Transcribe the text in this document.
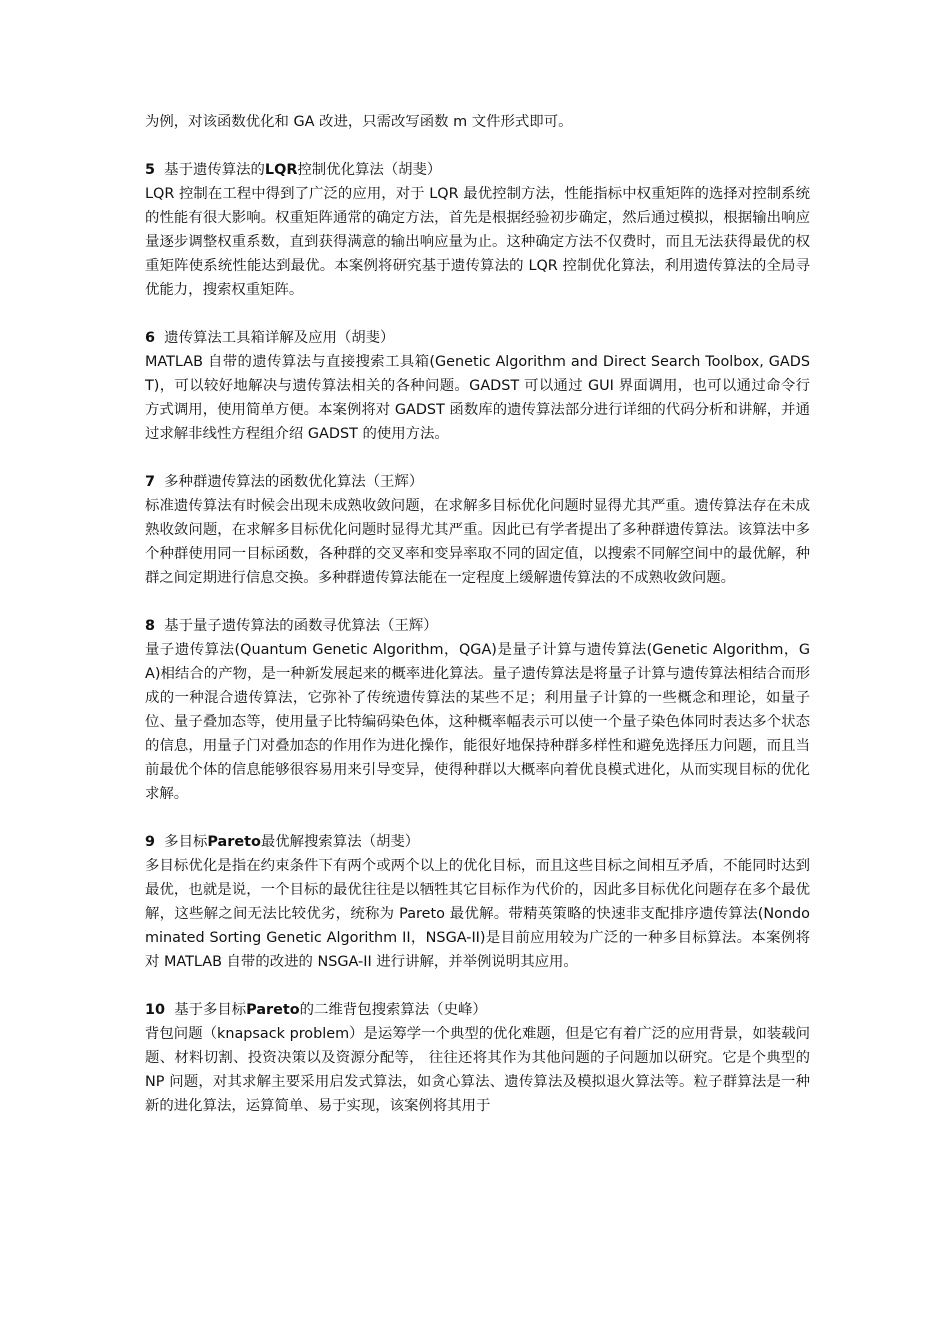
为例，对该函数优化和 GA 改进，只需改写函数 m 文件形式即可。

5 基于遗传算法的LQR控制优化算法（胡斐）

LQR 控制在工程中得到了广泛的应用，对于 LQR 最优控制方法，性能指标中权重矩阵的选择对控制系统的性能有很大影响。权重矩阵通常的确定方法，首先是根据经验初步确定，然后通过模拟，根据输出响应量逐步调整权重系数，直到获得满意的输出响应量为止。这种确定方法不仅费时，而且无法获得最优的权重矩阵使系统性能达到最优。本案例将研究基于遗传算法的 LQR 控制优化算法，利用遗传算法的全局寻优能力，搜索权重矩阵。

6 遗传算法工具箱详解及应用（胡斐）

MATLAB 自带的遗传算法与直接搜索工具箱(Genetic Algorithm and Direct Search Toolbox, GADST)，可以较好地解决与遗传算法相关的各种问题。GADST 可以通过 GUI 界面调用，也可以通过命令行方式调用，使用简单方便。本案例将对 GADST 函数库的遗传算法部分进行详细的代码分析和讲解，并通过求解非线性方程组介绍 GADST 的使用方法。

7 多种群遗传算法的函数优化算法（王辉）

标准遗传算法有时候会出现未成熟收敛问题，在求解多目标优化问题时显得尤其严重。遗传算法存在未成熟收敛问题，在求解多目标优化问题时显得尤其严重。因此已有学者提出了多种群遗传算法。该算法中多个种群使用同一目标函数，各种群的交叉率和变异率取不同的固定值，以搜索不同解空间中的最优解，种群之间定期进行信息交换。多种群遗传算法能在一定程度上缓解遗传算法的不成熟收敛问题。

8 基于量子遗传算法的函数寻优算法（王辉）

量子遗传算法(Quantum Genetic Algorithm，QGA)是量子计算与遗传算法(Genetic Algorithm，GA)相结合的产物，是一种新发展起来的概率进化算法。量子遗传算法是将量子计算与遗传算法相结合而形成的一种混合遗传算法，它弥补了传统遗传算法的某些不足；利用量子计算的一些概念和理论，如量子位、量子叠加态等，使用量子比特编码染色体，这种概率幅表示可以使一个量子染色体同时表达多个状态的信息，用量子门对叠加态的作用作为进化操作，能很好地保持种群多样性和避免选择压力问题，而且当前最优个体的信息能够很容易用来引导变异，使得种群以大概率向着优良模式进化，从而实现目标的优化求解。

9 多目标Pareto最优解搜索算法（胡斐）

多目标优化是指在约束条件下有两个或两个以上的优化目标，而且这些目标之间相互矛盾，不能同时达到最优，也就是说，一个目标的最优往往是以牺牲其它目标作为代价的，因此多目标优化问题存在多个最优解，这些解之间无法比较优劣，统称为 Pareto 最优解。带精英策略的快速非支配排序遗传算法(Nondominated Sorting Genetic Algorithm II，NSGA-II)是目前应用较为广泛的一种多目标算法。本案例将对 MATLAB 自带的改进的 NSGA-II 进行讲解，并举例说明其应用。

10 基于多目标Pareto的二维背包搜索算法（史峰）

背包问题（knapsack problem）是运筹学一个典型的优化难题，但是它有着广泛的应用背景，如装载问题、材料切割、投资决策以及资源分配等， 往往还将其作为其他问题的子问题加以研究。它是个典型的 NP 问题，对其求解主要采用启发式算法，如贪心算法、遗传算法及模拟退火算法等。粒子群算法是一种新的进化算法，运算简单、易于实现，该案例将其用于
